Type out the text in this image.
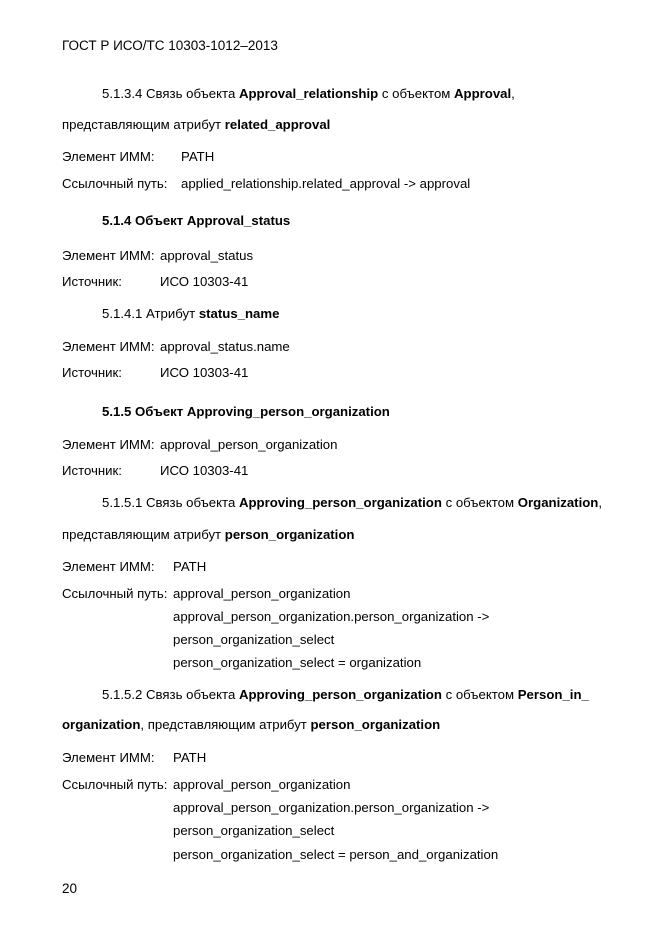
ГОСТ Р ИСО/ТС 10303-1012–2013
5.1.3.4 Связь объекта Approval_relationship с объектом Approval,
представляющим атрибут related_approval
Элемент ИММ: PATH
Ссылочный путь: applied_relationship.related_approval -> approval
5.1.4 Объект Approval_status
Элемент ИММ: approval_status
Источник:	ИСО 10303-41
5.1.4.1 Атрибут status_name
Элемент ИММ: approval_status.name
Источник:	ИСО 10303-41
5.1.5 Объект Approving_person_organization
Элемент ИММ: approval_person_organization
Источник:	ИСО 10303-41
5.1.5.1 Связь объекта Approving_person_organization с объектом Organization,
представляющим атрибут person_organization
Элемент ИММ: PATH
Ссылочный путь: approval_person_organization
approval_person_organization.person_organization ->
person_organization_select
person_organization_select = organization
5.1.5.2 Связь объекта Approving_person_organization с объектом Person_in_
organization, представляющим атрибут person_organization
Элемент ИММ: PATH
Ссылочный путь: approval_person_organization
approval_person_organization.person_organization ->
person_organization_select
person_organization_select = person_and_organization
20
